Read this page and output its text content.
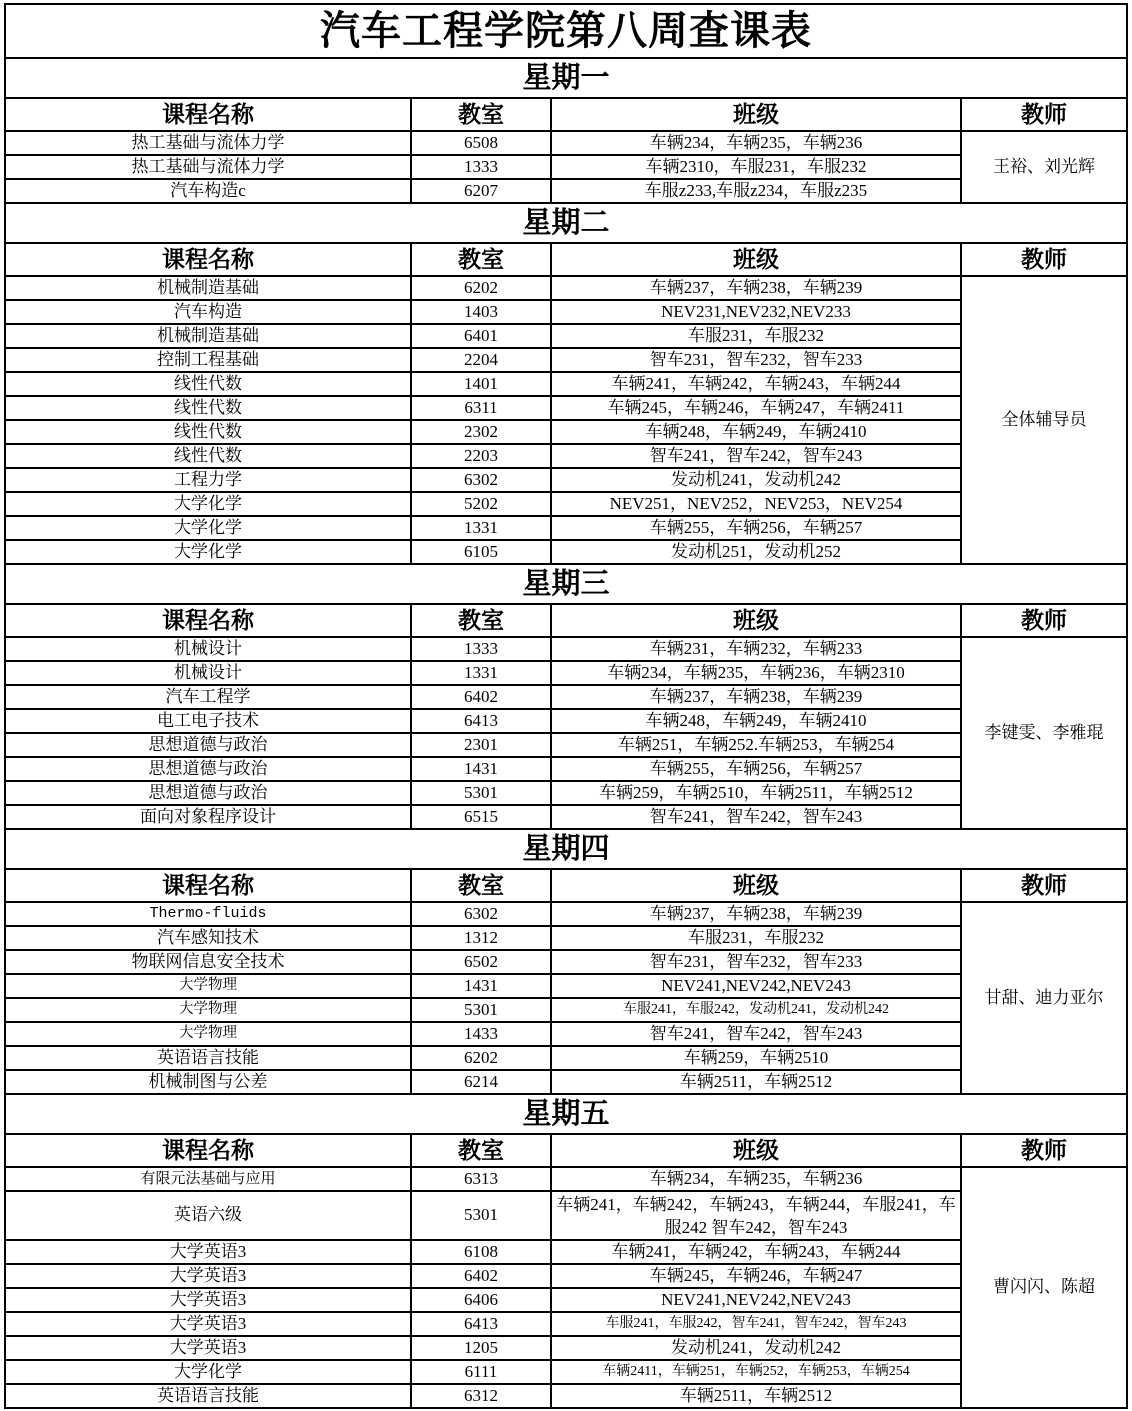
汽车工程学院第八周查课表			
星期一			
课程名称	教室	班级	教师
热工基础与流体力学	6508	车辆234，车辆235，车辆236	王裕、刘光辉
热工基础与流体力学	1333	车辆2310，车服231，车服232	
汽车构造c	6207	车服z233,车服z234，车服z235	
星期二			
课程名称	教室	班级	教师
机械制造基础	6202	车辆237，车辆238，车辆239	全体辅导员
汽车构造	1403	NEV231,NEV232,NEV233	
机械制造基础	6401	车服231，车服232	
控制工程基础	2204	智车231，智车232，智车233	
线性代数	1401	车辆241，车辆242，车辆243，车辆244	
线性代数	6311	车辆245，车辆246，车辆247，车辆2411	
线性代数	2302	车辆248，车辆249，车辆2410	
线性代数	2203	智车241，智车242，智车243	
工程力学	6302	发动机241，发动机242	
大学化学	5202	NEV251，NEV252，NEV253，NEV254	
大学化学	1331	车辆255，车辆256，车辆257	
大学化学	6105	发动机251，发动机252	
星期三			
课程名称	教室	班级	教师
机械设计	1333	车辆231，车辆232，车辆233	李键雯、李雅琨
机械设计	1331	车辆234，车辆235，车辆236，车辆2310	
汽车工程学	6402	车辆237，车辆238，车辆239	
电工电子技术	6413	车辆248，车辆249，车辆2410	
思想道德与政治	2301	车辆251，车辆252.车辆253，车辆254	
思想道德与政治	1431	车辆255，车辆256，车辆257	
思想道德与政治	5301	车辆259，车辆2510，车辆2511，车辆2512	
面向对象程序设计	6515	智车241，智车242，智车243	
星期四			
课程名称	教室	班级	教师
Thermo-fluids	6302	车辆237，车辆238，车辆239	甘甜、迪力亚尔
汽车感知技术	1312	车服231，车服232	
物联网信息安全技术	6502	智车231，智车232，智车233	
大学物理	1431	NEV241,NEV242,NEV243	
大学物理	5301	车服241，车服242，发动机241，发动机242	
大学物理	1433	智车241，智车242，智车243	
英语语言技能	6202	车辆259，车辆2510	
机械制图与公差	6214	车辆2511，车辆2512	
星期五			
课程名称	教室	班级	教师
有限元法基础与应用	6313	车辆234，车辆235，车辆236	曹闪闪、陈超
英语六级	5301	车辆241，车辆242，车辆243，车辆244，车服241，车服242 智车242，智车243	
大学英语3	6108	车辆241，车辆242，车辆243，车辆244	
大学英语3	6402	车辆245，车辆246，车辆247	
大学英语3	6406	NEV241,NEV242,NEV243	
大学英语3	6413	车服241，车服242，智车241，智车242，智车243	
大学英语3	1205	发动机241，发动机242	
大学化学	6111	车辆2411，车辆251，车辆252，车辆253，车辆254	
英语语言技能	6312	车辆2511，车辆2512	
